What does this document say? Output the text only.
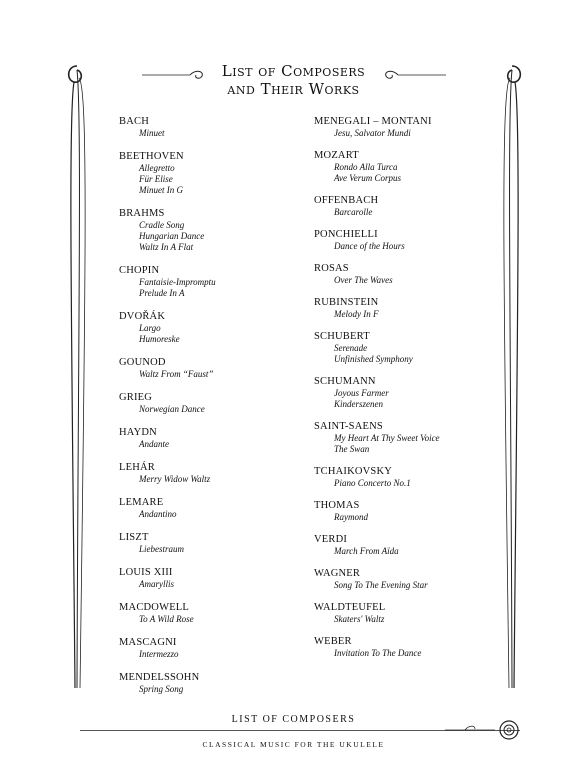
List of Composers
and Their Works
BACH
Minuet
BEETHOVEN
Allegretto
Für Elise
Minuet In G
BRAHMS
Cradle Song
Hungarian Dance
Waltz In A Flat
CHOPIN
Fantaisie-Impromptu
Prelude In A
DVOŘÁK
Largo
Humoreske
GOUNOD
Waltz From “Faust”
GRIEG
Norwegian Dance
HAYDN
Andante
LEHÁR
Merry Widow Waltz
LEMARE
Andantino
LISZT
Liebestraum
LOUIS XIII
Amaryllis
MACDOWELL
To A Wild Rose
MASCAGNI
Intermezzo
MENDELSSOHN
Spring Song
MENEGALI – MONTANI
Jesu, Salvator Mundi
MOZART
Rondo Alla Turca
Ave Verum Corpus
OFFENBACH
Barcarolle
PONCHIELLI
Dance of the Hours
ROSAS
Over The Waves
RUBINSTEIN
Melody In F
SCHUBERT
Serenade
Unfinished Symphony
SCHUMANN
Joyous Farmer
Kinderszenen
SAINT-SAENS
My Heart At Thy Sweet Voice
The Swan
TCHAIKOVSKY
Piano Concerto No.1
THOMAS
Raymond
VERDI
March From Aïda
WAGNER
Song To The Evening Star
WALDTEUFEL
Skaters' Waltz
WEBER
Invitation To The Dance
LIST OF COMPOSERS
CLASSICAL MUSIC FOR THE UKULELE
